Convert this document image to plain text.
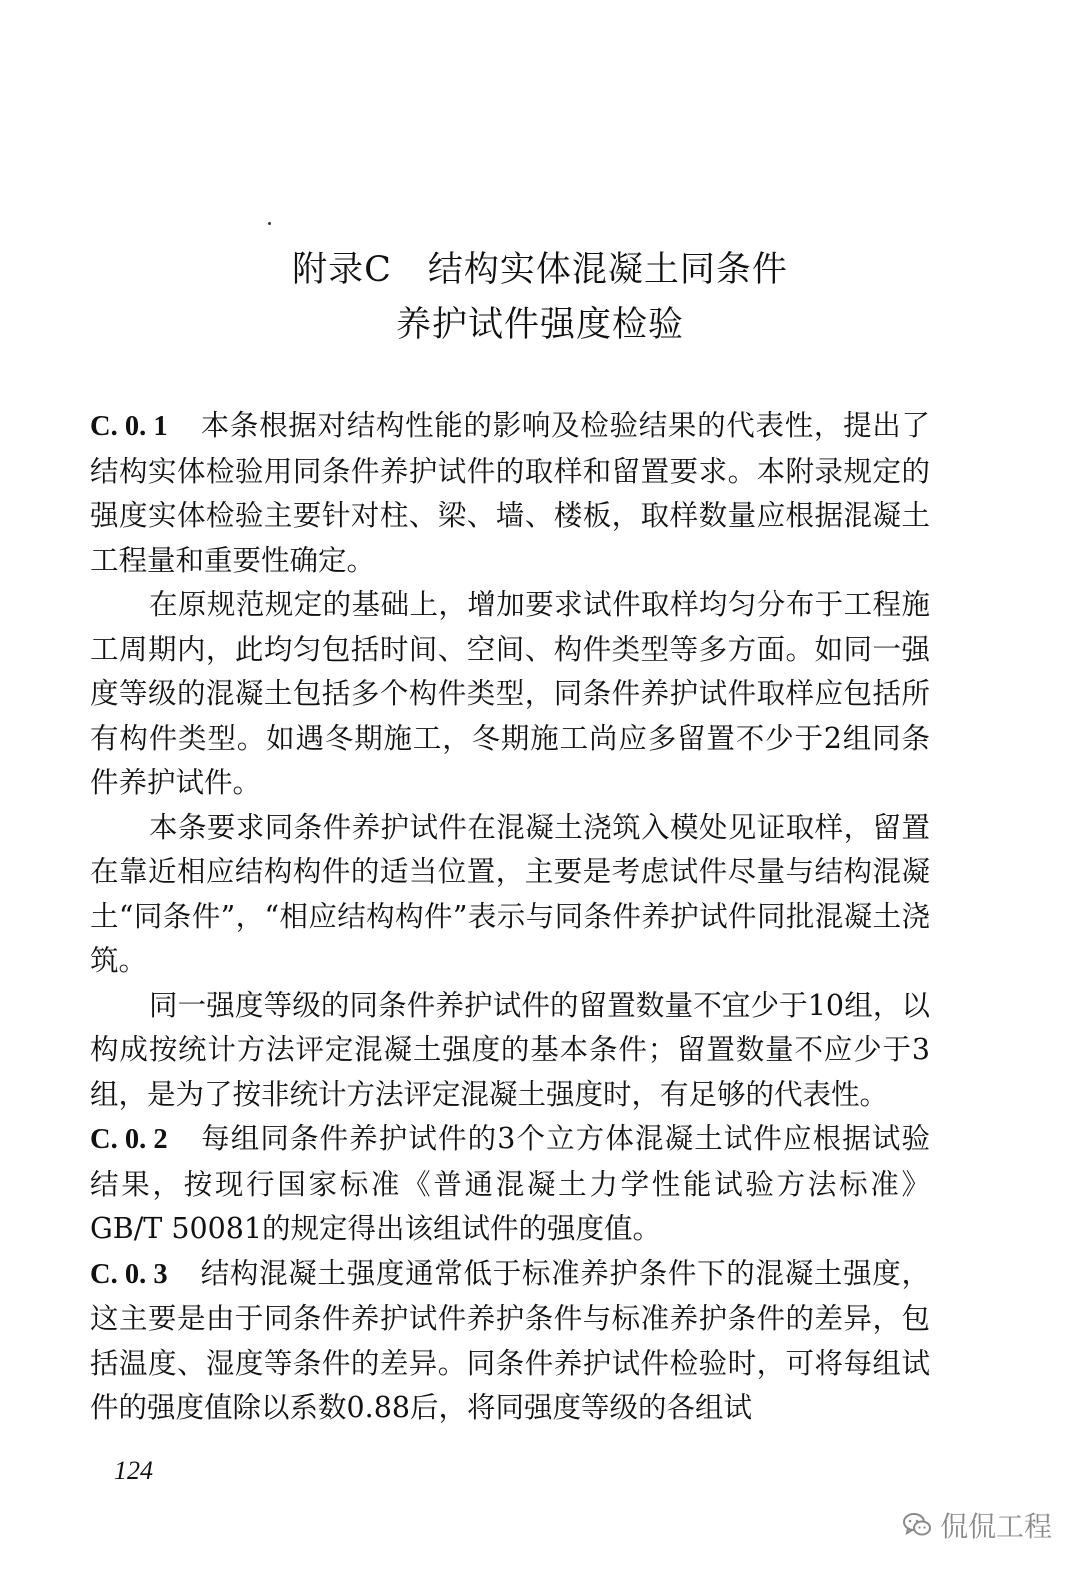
附录C　结构实体混凝土同条件
养护试件强度检验

C. 0. 1 本条根据对结构性能的影响及检验结果的代表性，提出了结构实体检验用同条件养护试件的取样和留置要求。本附录规定的强度实体检验主要针对柱、梁、墙、楼板，取样数量应根据混凝土工程量和重要性确定。

在原规范规定的基础上，增加要求试件取样均匀分布于工程施工周期内，此均匀包括时间、空间、构件类型等多方面。如同一强度等级的混凝土包括多个构件类型，同条件养护试件取样应包括所有构件类型。如遇冬期施工，冬期施工尚应多留置不少于2组同条件养护试件。

本条要求同条件养护试件在混凝土浇筑入模处见证取样，留置在靠近相应结构构件的适当位置，主要是考虑试件尽量与结构混凝土“同条件”，“相应结构构件”表示与同条件养护试件同批混凝土浇筑。

同一强度等级的同条件养护试件的留置数量不宜少于10组，以构成按统计方法评定混凝土强度的基本条件；留置数量不应少于3组，是为了按非统计方法评定混凝土强度时，有足够的代表性。

C. 0. 2 每组同条件养护试件的3个立方体混凝土试件应根据试验结果，按现行国家标准《普通混凝土力学性能试验方法标准》GB/T 50081的规定得出该组试件的强度值。

C. 0. 3 结构混凝土强度通常低于标准养护条件下的混凝土强度，这主要是由于同条件养护试件养护条件与标准养护条件的差异，包括温度、湿度等条件的差异。同条件养护试件检验时，可将每组试件的强度值除以系数0.88后，将同强度等级的各组试

124
侃侃工程
